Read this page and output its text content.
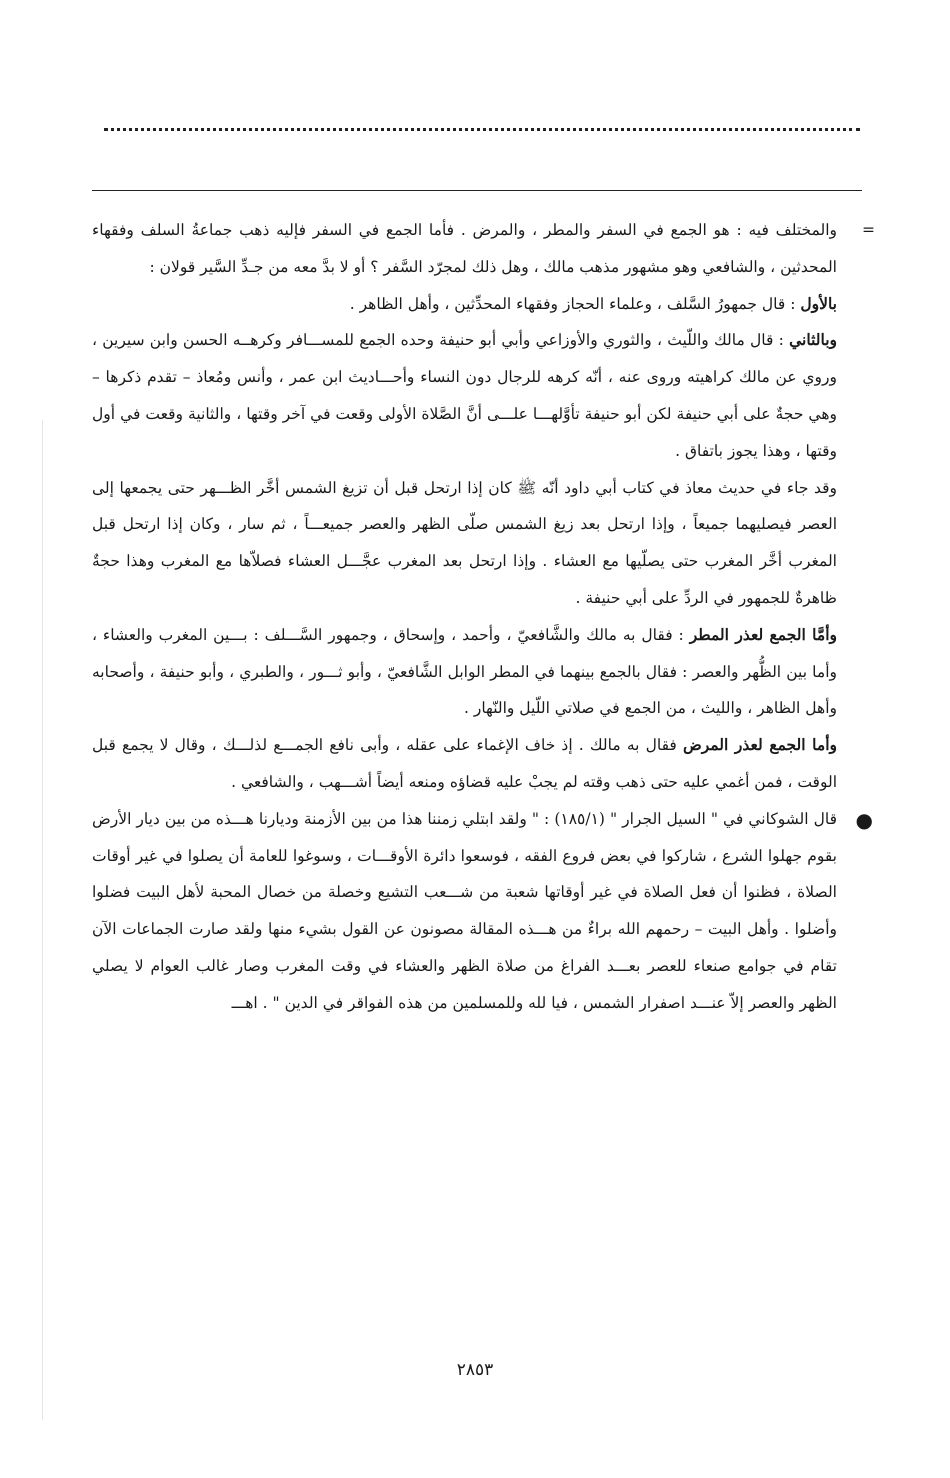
=
والمختلف فيه : هو الجمع في السفر والمطر ، والمرض . فأما الجمع في السفر فإليه ذهب جماعةُ السلف وفقهاء المحدثين ، والشافعي وهو مشهور مذهب مالك ، وهل ذلك لمجرّد السَّفر ؟ أو لا بدَّ معه من جـدِّ السَّير قولان :

بالأول : قال جمهورُ السَّلف ، وعلماء الحجاز وفقهاء المحدِّثين ، وأهل الظاهر .

وبالثاني : قال مالك واللّيث ، والثوري والأوزاعي وأبي أبو حنيفة وحده الجمع للمســـافر وكرهــه الحسن وابن سيرين ، وروي عن مالك كراهيته وروى عنه ، أنّه كرهه للرجال دون النساء وأحـــاديث ابن عمر ، وأنس ومُعاذ – تقدم ذكرها – وهي حجةٌ على أبي حنيفة لكن أبو حنيفة تأوَّلهـــا علـــى أنَّ الصَّلاة الأولى وقعت في آخر وقتها ، والثانية وقعت في أول وقتها ، وهذا يجوز باتفاق .

وقد جاء في حديث معاذ في كتاب أبي داود أنّه ﷺ كان إذا ارتحل قبل أن تزيغ الشمس أخَّر الظـــهر حتى يجمعها إلى العصر فيصليهما جميعاً ، وإذا ارتحل بعد زيغ الشمس صلّى الظهر والعصر جميعـــاً ، ثم سار ، وكان إذا ارتحل قبل المغرب أخَّر المغرب حتى يصلّيها مع العشاء . وإذا ارتحل بعد المغرب عجَّـــل العشاء فصلاّها مع المغرب وهذا حجةٌ ظاهرةٌ للجمهور في الردِّ على أبي حنيفة .

وأمَّا الجمع لعذر المطر : فقال به مالك والشَّافعيّ ، وأحمد ، وإسحاق ، وجمهور السَّـــلف : بـــين المغرب والعشاء ، وأما بين الظُّهر والعصر : فقال بالجمع بينهما في المطر الوابل الشَّافعيّ ، وأبو ثـــور ، والطبري ، وأبو حنيفة ، وأصحابه وأهل الظاهر ، والليث ، من الجمع في صلاتي اللّيل والنّهار .

وأما الجمع لعذر المرض فقال به مالك . إذ خاف الإغماء على عقله ، وأبى نافع الجمـــع لذلـــك ، وقال لا يجمع قبل الوقت ، فمن أغمي عليه حتى ذهب وقته لم يجبْ عليه قضاؤه ومنعه أيضاً أشـــهب ، والشافعي .

●
قال الشوكاني في " السيل الجرار " (١٨٥/١) : " ولقد ابتلي زمننا هذا من بين الأزمنة وديارنا هـــذه من بين ديار الأرض بقوم جهلوا الشرع ، شاركوا في بعض فروع الفقه ، فوسعوا دائرة الأوقـــات ، وسوغوا للعامة أن يصلوا في غير أوقات الصلاة ، فظنوا أن فعل الصلاة في غير أوقاتها شعبة من شـــعب التشيع وخصلة من خصال المحبة لأهل البيت فضلوا وأضلوا . وأهل البيت – رحمهم الله براءٌ من هـــذه المقالة مصونون عن القول بشيء منها ولقد صارت الجماعات الآن تقام في جوامع صنعاء للعصر بعـــد الفراغ من صلاة الظهر والعشاء في وقت المغرب وصار غالب العوام لا يصلي الظهر والعصر إلاّ عنـــد اصفرار الشمس ، فيا لله وللمسلمين من هذه الفواقر في الدين " . اهـــ

٢٨٥٣
